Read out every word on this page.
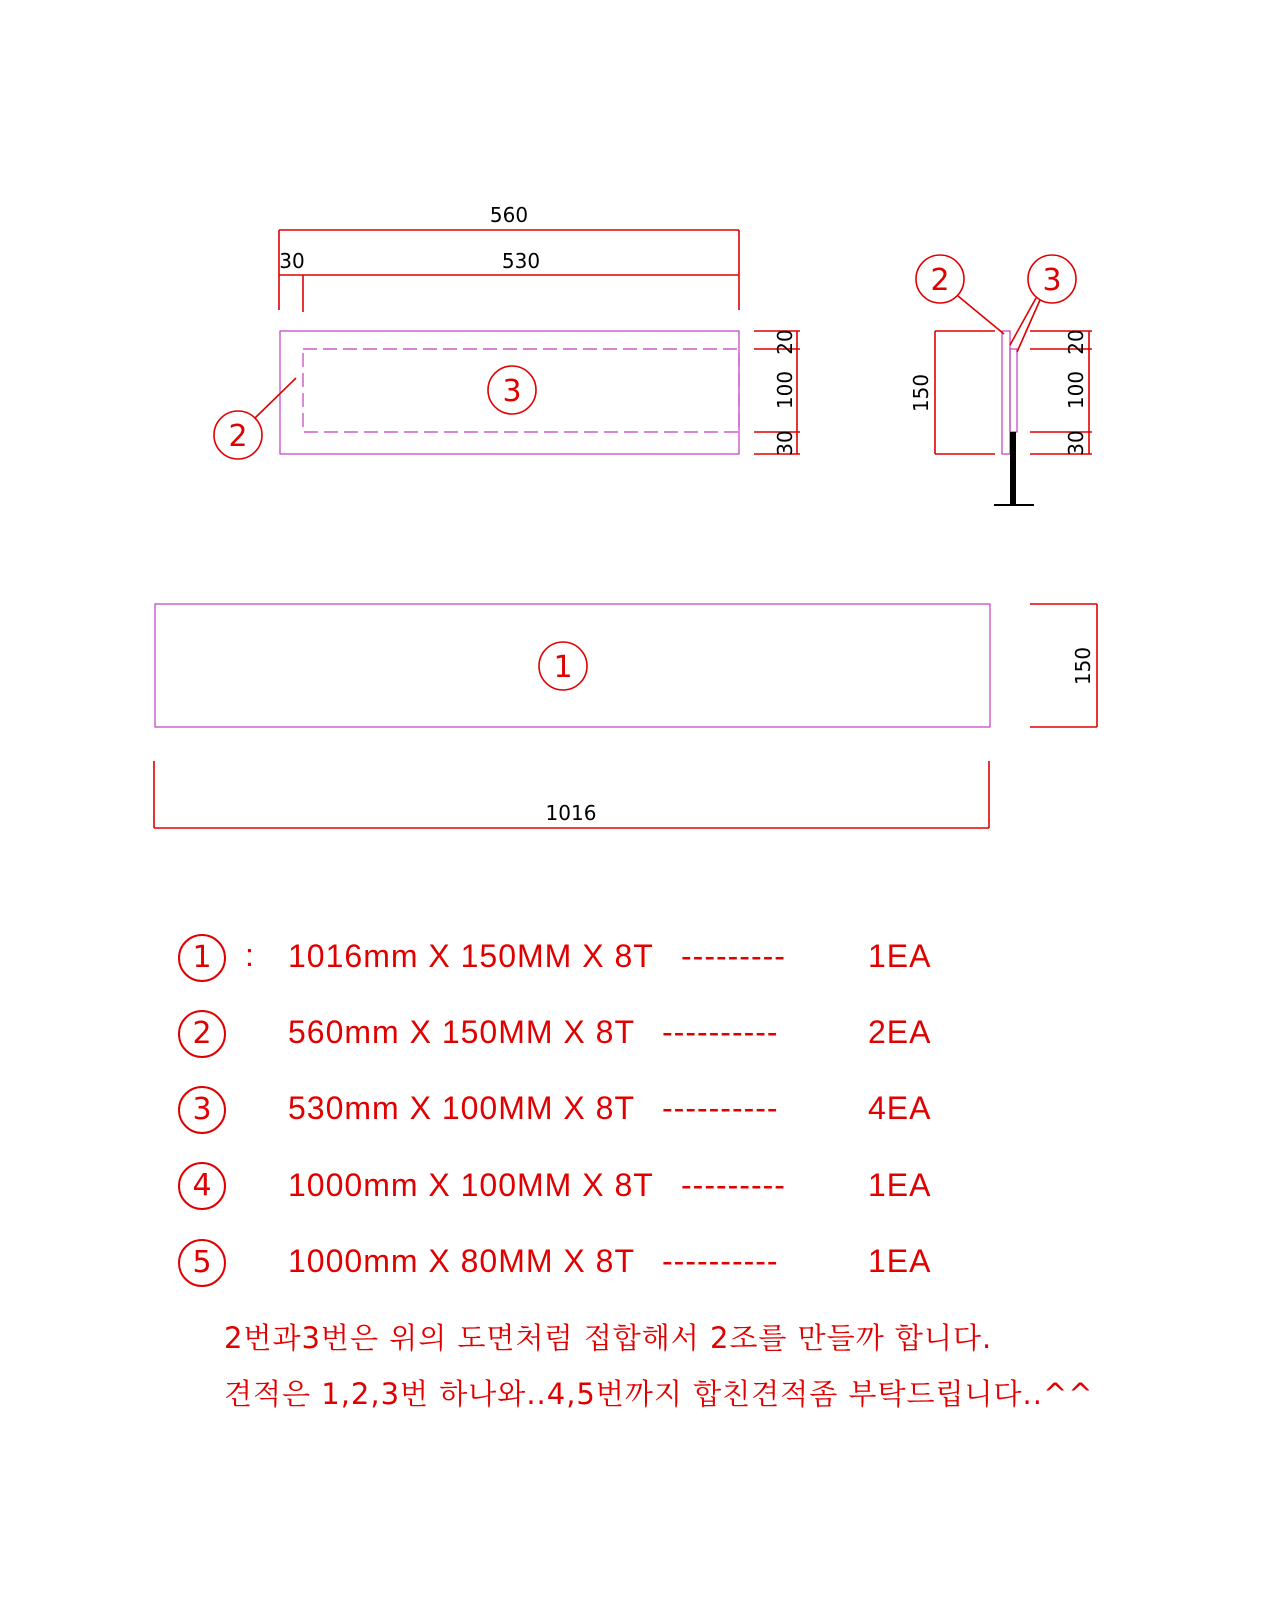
560
30	530
20
100
30
3
2
150
20
100
30
2	3
1	150
1016
1	: 1016mm X 150MM X 8T ---------	1EA
2	560mm X 150MM X 8T ----------	2EA
3	530mm X 100MM X 8T ----------	4EA
4	1000mm X 100MM X 8T ---------	1EA
5	1000mm X 80MM X 8T ----------	1EA
2번과3번은 위의 도면처럼 접합해서 2조를 만들까 합니다.
견적은 1,2,3번 하나와..4,5번까지 합친견적좀 부탁드립니다..^^
